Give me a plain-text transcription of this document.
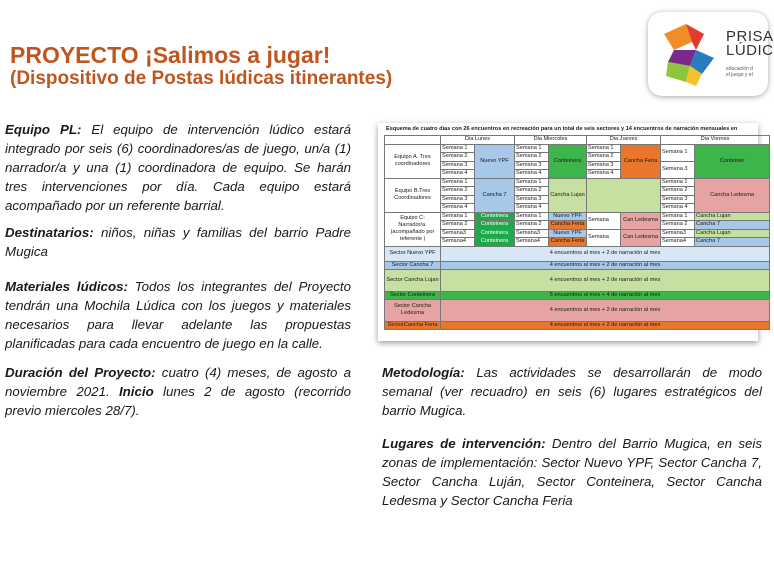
PROYECTO ¡Salimos a jugar!
(Dispositivo de Postas lúdicas itinerantes)
PRISA
LÚDIC
educación d
el juego y el

Equipo PL: El equipo de intervención lúdico estará integrado por seis (6) coordinadores/as de juego, un/a (1) narrador/a y una (1) coordinadora de equipo. Se harán tres intervenciones por día. Cada equipo estará acompañado por un referente barrial.

Destinatarios: niños, niñas y familias del barrio Padre Mugica

Materiales lúdicos: Todos los integrantes del Proyecto tendrán una Mochila Lúdica con los juegos y materiales necesarios para llevar adelante las propuestas planificadas para cada encuentro de juego en la calle.

Duración del Proyecto: cuatro (4) meses, de agosto a noviembre 2021. Inicio lunes 2 de agosto (recorrido previo miercoles 28/7).

Metodología: Las actividades se desarrollarán de modo semanal (ver recuadro) en seis (6) lugares estratégicos del barrio Mugica.

Lugares de intervención: Dentro del Barrio Mugica, en seis zonas de implementación: Sector Nuevo YPF, Sector Cancha 7, Sector Cancha Luján, Sector Conteinera, Sector Cancha Ledesma y Sector Cancha Feria

Esquema de cuatro días con 26 encuentros en recreación para un total de seis sectores y 14 encuentros de narración mensuales en
	Dia Lunes		Dia Miercoles		Dia Jueves		Dia Viernes	
Equipo A. Tres coordinadores	Semana 1	Nuevo YPF	Semana 1	Conteinera	Semana 1	Cancha Feria	Semana 1	Conteiner
	Semana 2		Semana 2		Semana 2			
	Semana 3		Semana 3		Semana 3		Semana 3	
	Semana 4		Semana 4		Semana 4			
Equipo B.Tres Coordinadores	Semana 1	Cancha 7	Semana 1	Cancha Lujan			Semana 1	Cancha Ledesma
	Semana 2		Semana 2				Semana 2	
	Semana 3		Semana 3				Semana 3	
	Semana 4		Semana 4				Semana 4	
Equipo C: Narrador/a. (acompañado por referente )	Semana 1	Conteinera	Semana 1	Nuevo YPF	Semana	Can Ledesma	Semana 1	Cancha Lujan
	Semana 2	Conteinera	Semana 2	Cancha Feria			Semana 2	Cancha 7
	Semana3	Conteinera	Semana3	Nuevo YPF	Semana	Can Ledesma	Semana3	Cancha Lujan
	Semana4	Conteinera	Semana4	Cancha Feria			Semana4	Cancha 7
Sector Nuevo YPF	4 encuentros al mes + 2 de narración al mes							
Sector Cancha 7	4 encuentros al mes + 2 de narración al mes							
Sector Cancha Lujan	4 encuentros al mes + 2 de narración al mes							
Sector Conteinera	5 encuentros al mes + 4 de narración al mes							
Sector Cancha Ledesma	4 encuentros al mes + 2 de narración al mes							
SectorCancha Feria	4 encuentros al mes + 2 de narración al mes							
